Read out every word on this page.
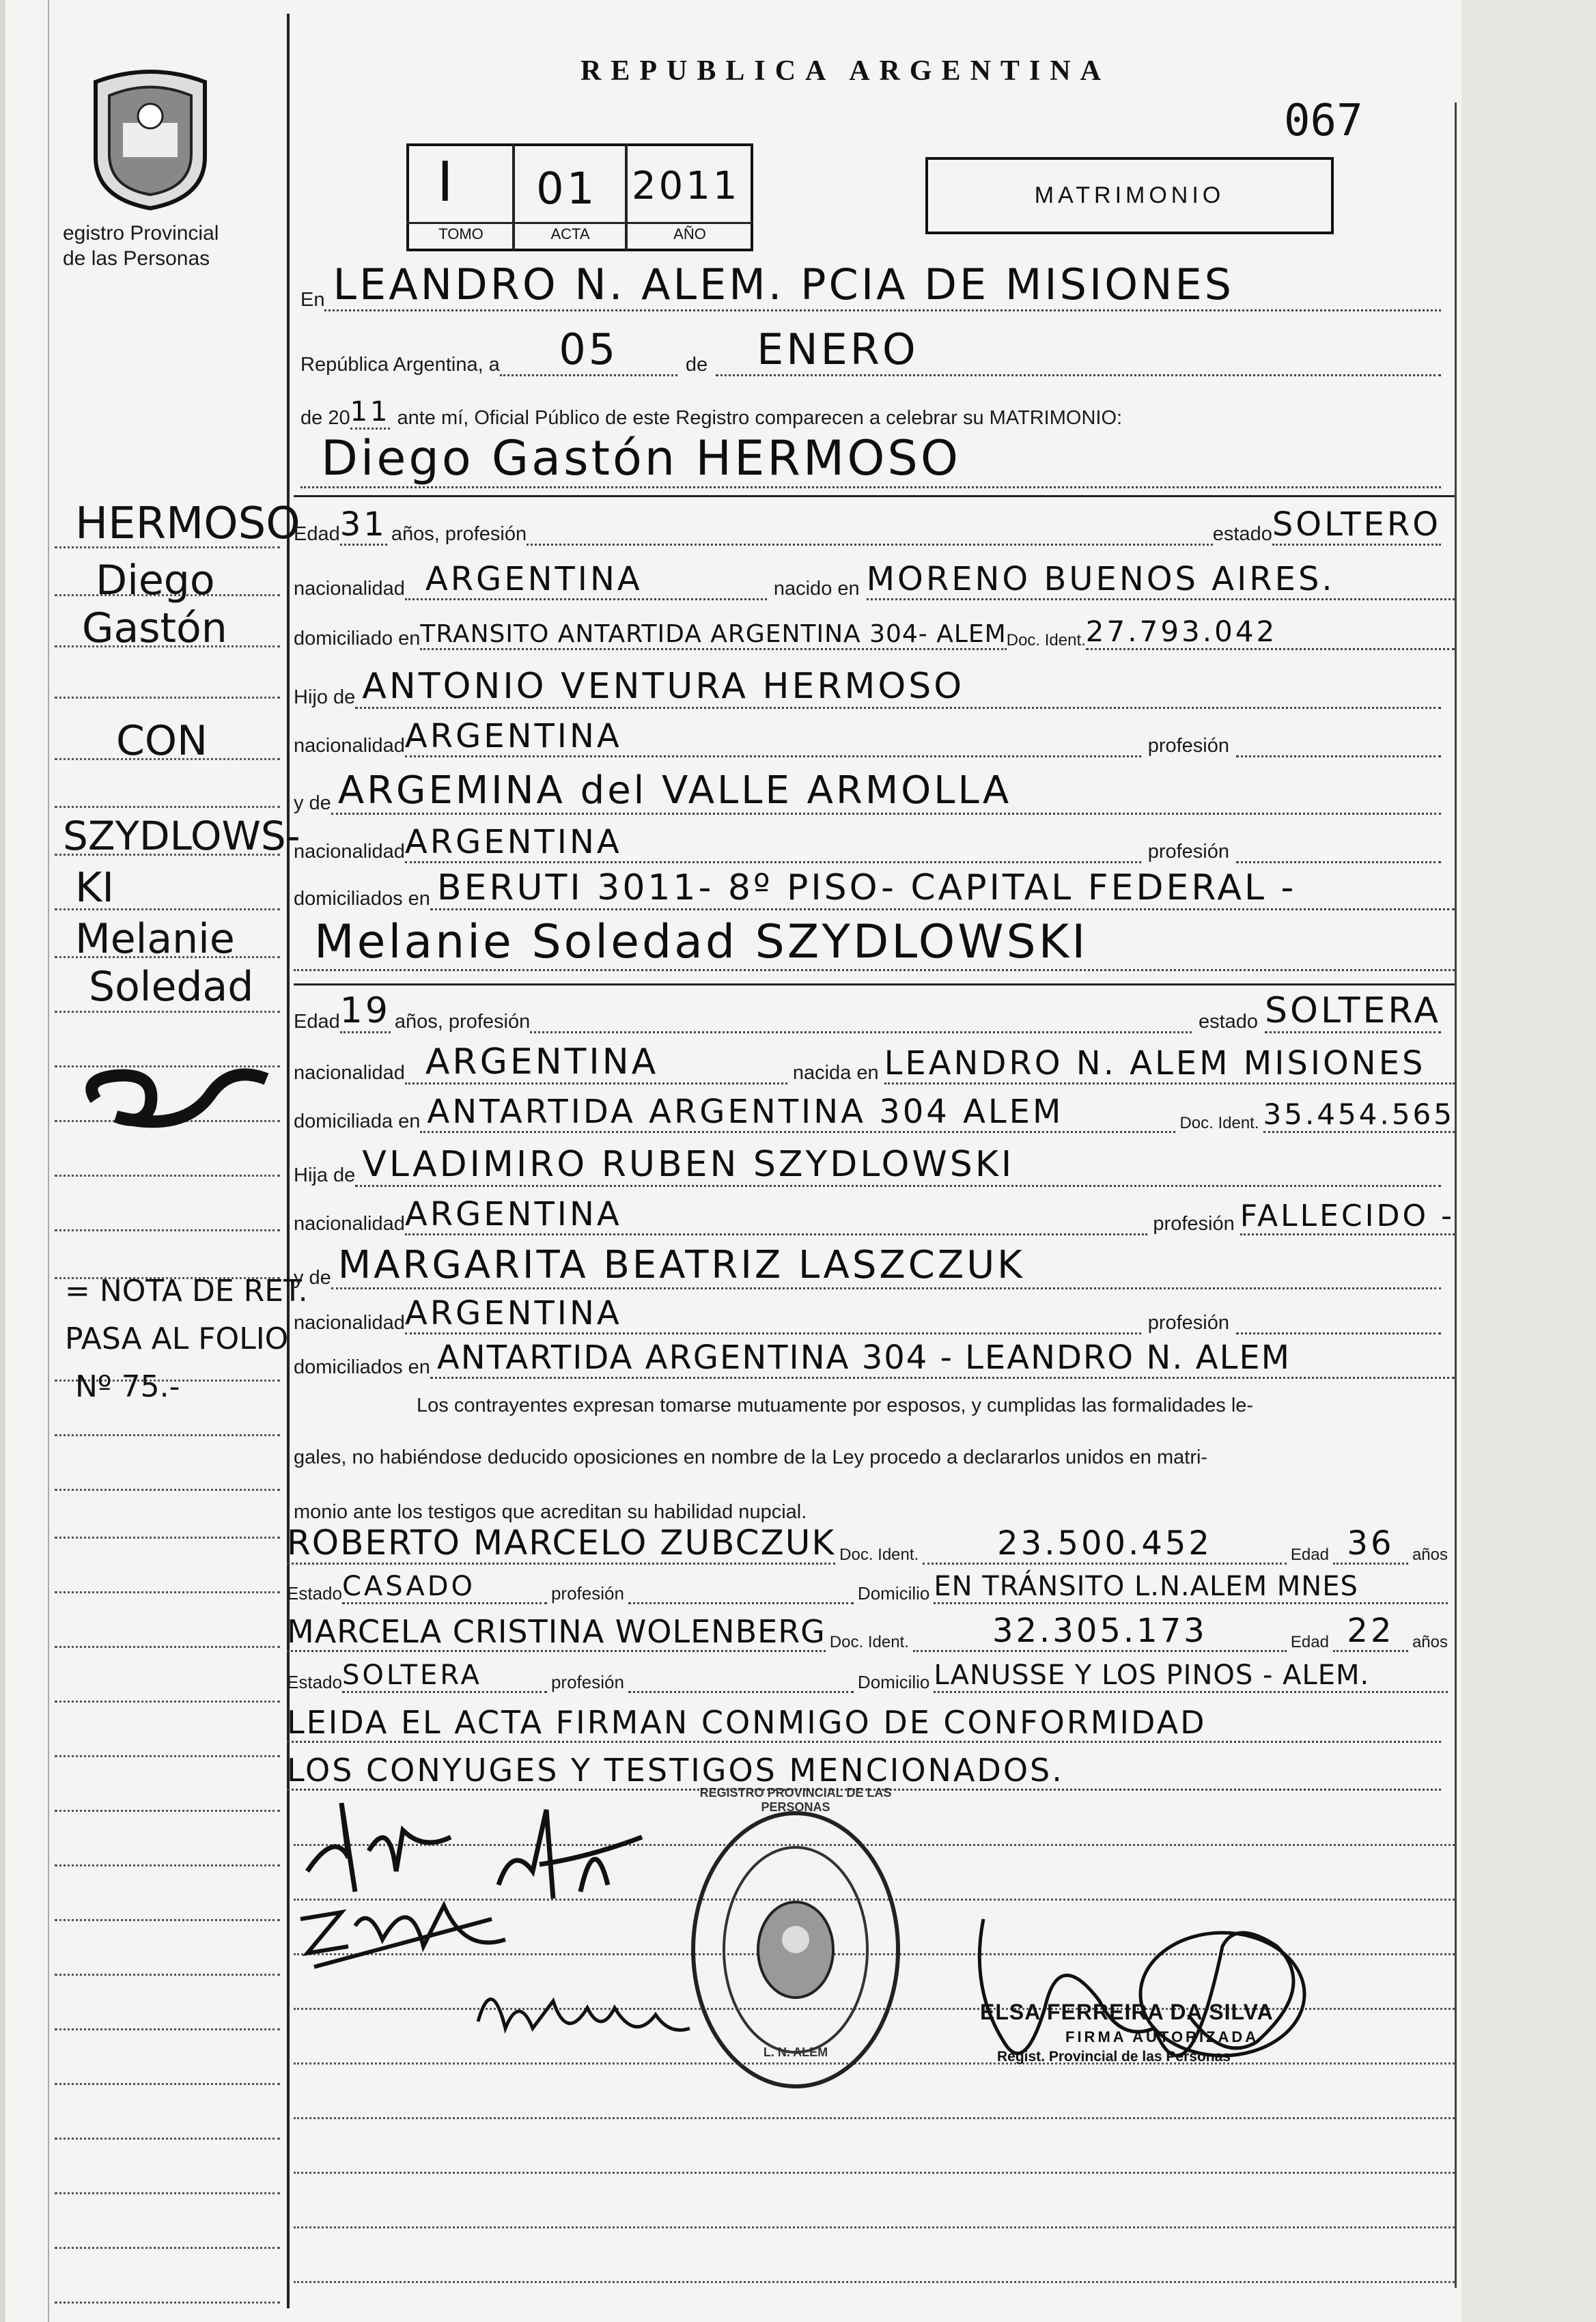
egistro Provincial
de las Personas
REPUBLICA ARGENTINA
067
I 01 2011
TOMO	ACTA	AÑO
MATRIMONIO
HERMOSO
Diego
Gastón
CON
SZYDLOWS-
KI
Melanie
Soledad
= NOTA DE RET.
PASA AL FOLIO
Nº 75.-
En LEANDRO N. ALEM. PCIA DE MISIONES
República Argentina, a	05	de	ENERO
de 20 11 ante mí, Oficial Público de este Registro comparecen a celebrar su MATRIMONIO:
Diego Gastón HERMOSO
Edad 31 años, profesión	estado SOLTERO
nacionalidad ARGENTINA	nacido en MORENO BUENOS AIRES.
domiciliado en TRANSITO ANTARTIDA ARGENTINA 304- ALEM Doc. Ident. 27.793.042
Hijo de ANTONIO VENTURA HERMOSO
nacionalidad ARGENTINA	profesión
y de ARGEMINA del VALLE ARMOLLA
nacionalidad ARGENTINA	profesión
domiciliados en BERUTI 3011- 8º PISO- CAPITAL FEDERAL -
Melanie Soledad SZYDLOWSKI
Edad 19 años, profesión	estado SOLTERA
nacionalidad ARGENTINA	nacida en LEANDRO N. ALEM MISIONES
domiciliada en ANTARTIDA ARGENTINA 304 ALEM	Doc. Ident. 35.454.565
Hija de VLADIMIRO RUBEN SZYDLOWSKI
nacionalidad ARGENTINA	profesión FALLECIDO -
y de MARGARITA BEATRIZ LASZCZUK
nacionalidad ARGENTINA	profesión
domiciliados en ANTARTIDA ARGENTINA 304 - LEANDRO N. ALEM
Los contrayentes expresan tomarse mutuamente por esposos, y cumplidas las formalidades le-
gales, no habiéndose deducido oposiciones en nombre de la Ley procedo a declararlos unidos en matri-
monio ante los testigos que acreditan su habilidad nupcial.
ROBERTO MARCELO ZUBCZUK Doc. Ident.	23.500.452	Edad 36	años
Estado CASADO	profesión	Domicilio EN TRÁNSITO L.N.ALEM MNES
MARCELA CRISTINA WOLENBERG Doc. Ident.	32.305.173	Edad 22	años
Estado SOLTERA	profesión	Domicilio LANUSSE Y LOS PINOS - ALEM.
LEIDA EL ACTA FIRMAN CONMIGO DE CONFORMIDAD
LOS CONYUGES Y TESTIGOS MENCIONADOS.
REGISTRO PROVINCIAL DE LAS PERSONAS
L. N. ALEM
ELSA FERREIRA DA SILVA
FIRMA AUTORIZADA
Regist. Provincial de las Personas
